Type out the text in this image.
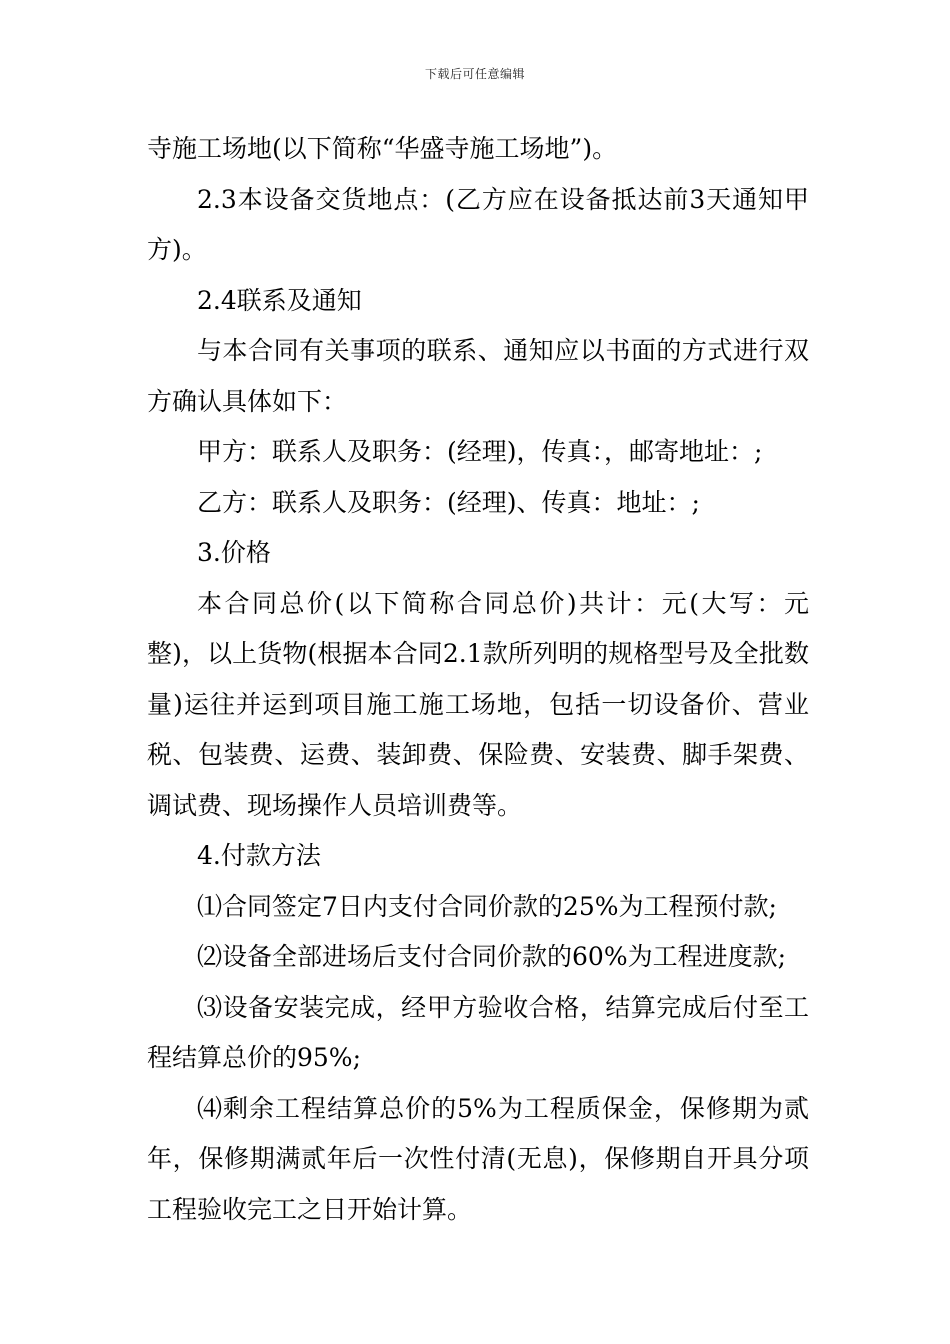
下载后可任意编辑

寺施工场地(以下简称“华盛寺施工场地”)。

2.3本设备交货地点：(乙方应在设备抵达前3天通知甲方)。

2.4联系及通知

与本合同有关事项的联系、通知应以书面的方式进行双方确认具体如下：

甲方：联系人及职务：(经理)，传真：，邮寄地址：;

乙方：联系人及职务：(经理)、传真：地址：;

3.价格

本合同总价(以下简称合同总价)共计：元(大写：元整)，以上货物(根据本合同2.1款所列明的规格型号及全批数量)运往并运到项目施工施工场地，包括一切设备价、营业税、包装费、运费、装卸费、保险费、安装费、脚手架费、调试费、现场操作人员培训费等。

4.付款方法

⑴合同签定7日内支付合同价款的25%为工程预付款;

⑵设备全部进场后支付合同价款的60%为工程进度款;

⑶设备安装完成，经甲方验收合格，结算完成后付至工程结算总价的95%;

⑷剩余工程结算总价的5%为工程质保金，保修期为贰年，保修期满贰年后一次性付清(无息)，保修期自开具分项工程验收完工之日开始计算。
